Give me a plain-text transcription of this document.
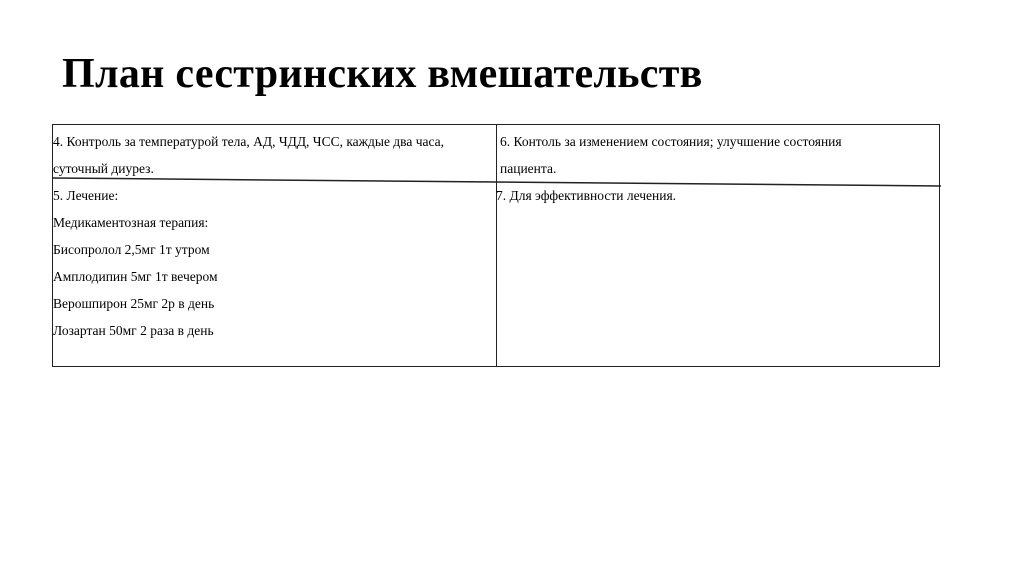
План сестринских вмешательств
4. Контроль за температурой тела, АД, ЧДД, ЧСС, каждые два часа,
суточный диурез.
6. Контоль за изменением состояния; улучшение состояния
пациента.
5. Лечение:
Медикаментозная терапия:
Бисопролол 2,5мг 1т утром
Амплодипин 5мг 1т вечером
Верошпирон 25мг 2р в день
Лозартан 50мг 2 раза в день
7. Для эффективности лечения.
